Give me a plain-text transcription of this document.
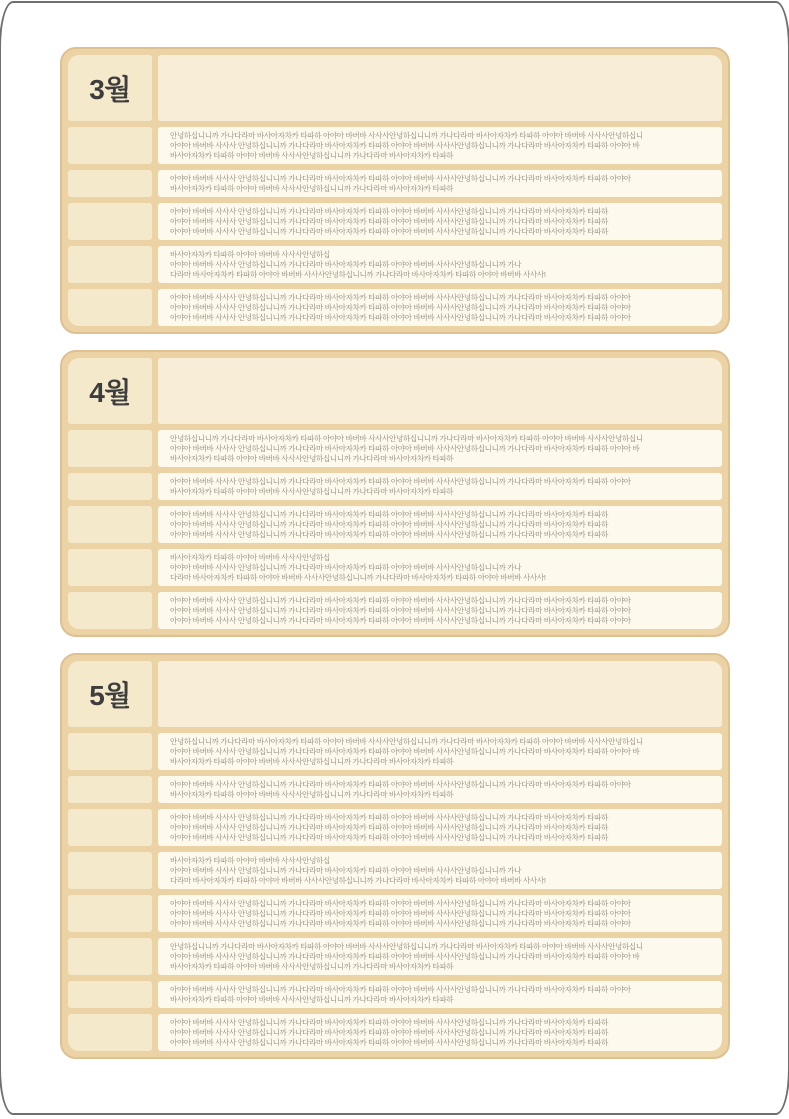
3월
안녕하십니니까 가나다라마 바사아자차카 타파하 아야아 바버바 사사사안녕하십니니까 가나다라마 바사아자차카 타파하 아야아 바버바 사사사안녕하십니
아야아 바버바 사사사 안녕하십니니까 가나다라마 바사아자차카 타파하 아야아 바버바 사사사안녕하십니니까 가나다라마 바사아자차카 타파하 아야아 바
바사아자차카 타파하 아야아 바버바 사사사안녕하십니니까 가나다라마 바사아자차카 타파하
아야아 바버바 사사사 안녕하십니니까 가나다라마 바사아자차카 타파하 아야아 바버바 사사사안녕하십니니까 가나다라마 바사아자차카 타파하 아야아
바사아자차카 타파하 아야아 바버바 사사사안녕하십니니까 가나다라마 바사아자차카 타파하
아야아 바버바 사사사 안녕하십니니까 가나다라마 바사아자차카 타파하 아야아 바버바 사사사안녕하십니니까 가나다라마 바사아자차카 타파하
아야아 바버바 사사사 안녕하십니니까 가나다라마 바사아자차카 타파하 아야아 바버바 사사사안녕하십니니까 가나다라마 바사아자차카 타파하
아야아 바버바 사사사 안녕하십니니까 가나다라마 바사아자차카 타파하 아야아 바버바 사사사안녕하십니니까 가나다라마 바사아자차카 타파하
바사아자차카 타파하 아야아 바버바 사사사안녕하십
아야아 바버바 사사사 안녕하십니니까 가나다라마 바사아자차카 타파하 아야아 바버바 사사사안녕하십니니까 가나
다라마 바사아자차카 타파하 아야아 바버바 사사사안녕하십니니까 가나다라마 바사아자차카 타파하 아야아 바버바 사사사!
아야아 바버바 사사사 안녕하십니니까 가나다라마 바사아자차카 타파하 아야아 바버바 사사사안녕하십니니까 가나다라마 바사아자차카 타파하 아야아
아야아 바버바 사사사 안녕하십니니까 가나다라마 바사아자차카 타파하 아야아 바버바 사사사안녕하십니니까 가나다라마 바사아자차카 타파하 아야아
아야아 바버바 사사사 안녕하십니니까 가나다라마 바사아자차카 타파하 아야아 바버바 사사사안녕하십니니까 가나다라마 바사아자차카 타파하 아야아
4월
안녕하십니니까 가나다라마 바사아자차카 타파하 아야아 바버바 사사사안녕하십니니까 가나다라마 바사아자차카 타파하 아야아 바버바 사사사안녕하십니
아야아 바버바 사사사 안녕하십니니까 가나다라마 바사아자차카 타파하 아야아 바버바 사사사안녕하십니니까 가나다라마 바사아자차카 타파하 아야아 바
바사아자차카 타파하 아야아 바버바 사사사안녕하십니니까 가나다라마 바사아자차카 타파하
아야아 바버바 사사사 안녕하십니니까 가나다라마 바사아자차카 타파하 아야아 바버바 사사사안녕하십니니까 가나다라마 바사아자차카 타파하 아야아
바사아자차카 타파하 아야아 바버바 사사사안녕하십니니까 가나다라마 바사아자차카 타파하
아야아 바버바 사사사 안녕하십니니까 가나다라마 바사아자차카 타파하 아야아 바버바 사사사안녕하십니니까 가나다라마 바사아자차카 타파하
아야아 바버바 사사사 안녕하십니니까 가나다라마 바사아자차카 타파하 아야아 바버바 사사사안녕하십니니까 가나다라마 바사아자차카 타파하
아야아 바버바 사사사 안녕하십니니까 가나다라마 바사아자차카 타파하 아야아 바버바 사사사안녕하십니니까 가나다라마 바사아자차카 타파하
바사아자차카 타파하 아야아 바버바 사사사안녕하십
아야아 바버바 사사사 안녕하십니니까 가나다라마 바사아자차카 타파하 아야아 바버바 사사사안녕하십니니까 가나
다라마 바사아자차카 타파하 아야아 바버바 사사사안녕하십니니까 가나다라마 바사아자차카 타파하 아야아 바버바 사사사!
아야아 바버바 사사사 안녕하십니니까 가나다라마 바사아자차카 타파하 아야아 바버바 사사사안녕하십니니까 가나다라마 바사아자차카 타파하 아야아
아야아 바버바 사사사 안녕하십니니까 가나다라마 바사아자차카 타파하 아야아 바버바 사사사안녕하십니니까 가나다라마 바사아자차카 타파하 아야아
아야아 바버바 사사사 안녕하십니니까 가나다라마 바사아자차카 타파하 아야아 바버바 사사사안녕하십니니까 가나다라마 바사아자차카 타파하 아야아
5월
안녕하십니니까 가나다라마 바사아자차카 타파하 아야아 바버바 사사사안녕하십니니까 가나다라마 바사아자차카 타파하 아야아 바버바 사사사안녕하십니
아야아 바버바 사사사 안녕하십니니까 가나다라마 바사아자차카 타파하 아야아 바버바 사사사안녕하십니니까 가나다라마 바사아자차카 타파하 아야아 바
바사아자차카 타파하 아야아 바버바 사사사안녕하십니니까 가나다라마 바사아자차카 타파하
아야아 바버바 사사사 안녕하십니니까 가나다라마 바사아자차카 타파하 아야아 바버바 사사사안녕하십니니까 가나다라마 바사아자차카 타파하 아야아
바사아자차카 타파하 아야아 바버바 사사사안녕하십니니까 가나다라마 바사아자차카 타파하
아야아 바버바 사사사 안녕하십니니까 가나다라마 바사아자차카 타파하 아야아 바버바 사사사안녕하십니니까 가나다라마 바사아자차카 타파하
아야아 바버바 사사사 안녕하십니니까 가나다라마 바사아자차카 타파하 아야아 바버바 사사사안녕하십니니까 가나다라마 바사아자차카 타파하
아야아 바버바 사사사 안녕하십니니까 가나다라마 바사아자차카 타파하 아야아 바버바 사사사안녕하십니니까 가나다라마 바사아자차카 타파하
바사아자차카 타파하 아야아 바버바 사사사안녕하십
아야아 바버바 사사사 안녕하십니니까 가나다라마 바사아자차카 타파하 아야아 바버바 사사사안녕하십니니까 가나
다라마 바사아자차카 타파하 아야아 바버바 사사사안녕하십니니까 가나다라마 바사아자차카 타파하 아야아 바버바 사사사!
아야아 바버바 사사사 안녕하십니니까 가나다라마 바사아자차카 타파하 아야아 바버바 사사사안녕하십니니까 가나다라마 바사아자차카 타파하 아야아
아야아 바버바 사사사 안녕하십니니까 가나다라마 바사아자차카 타파하 아야아 바버바 사사사안녕하십니니까 가나다라마 바사아자차카 타파하 아야아
아야아 바버바 사사사 안녕하십니니까 가나다라마 바사아자차카 타파하 아야아 바버바 사사사안녕하십니니까 가나다라마 바사아자차카 타파하 아야아
안녕하십니니까 가나다라마 바사아자차카 타파하 아야아 바버바 사사사안녕하십니니까 가나다라마 바사아자차카 타파하 아야아 바버바 사사사안녕하십니
아야아 바버바 사사사 안녕하십니니까 가나다라마 바사아자차카 타파하 아야아 바버바 사사사안녕하십니니까 가나다라마 바사아자차카 타파하 아야아 바
바사아자차카 타파하 아야아 바버바 사사사안녕하십니니까 가나다라마 바사아자차카 타파하
아야아 바버바 사사사 안녕하십니니까 가나다라마 바사아자차카 타파하 아야아 바버바 사사사안녕하십니니까 가나다라마 바사아자차카 타파하 아야아
바사아자차카 타파하 아야아 바버바 사사사안녕하십니니까 가나다라마 바사아자차카 타파하
아야아 바버바 사사사 안녕하십니니까 가나다라마 바사아자차카 타파하 아야아 바버바 사사사안녕하십니니까 가나다라마 바사아자차카 타파하
아야아 바버바 사사사 안녕하십니니까 가나다라마 바사아자차카 타파하 아야아 바버바 사사사안녕하십니니까 가나다라마 바사아자차카 타파하
아야아 바버바 사사사 안녕하십니니까 가나다라마 바사아자차카 타파하 아야아 바버바 사사사안녕하십니니까 가나다라마 바사아자차카 타파하
